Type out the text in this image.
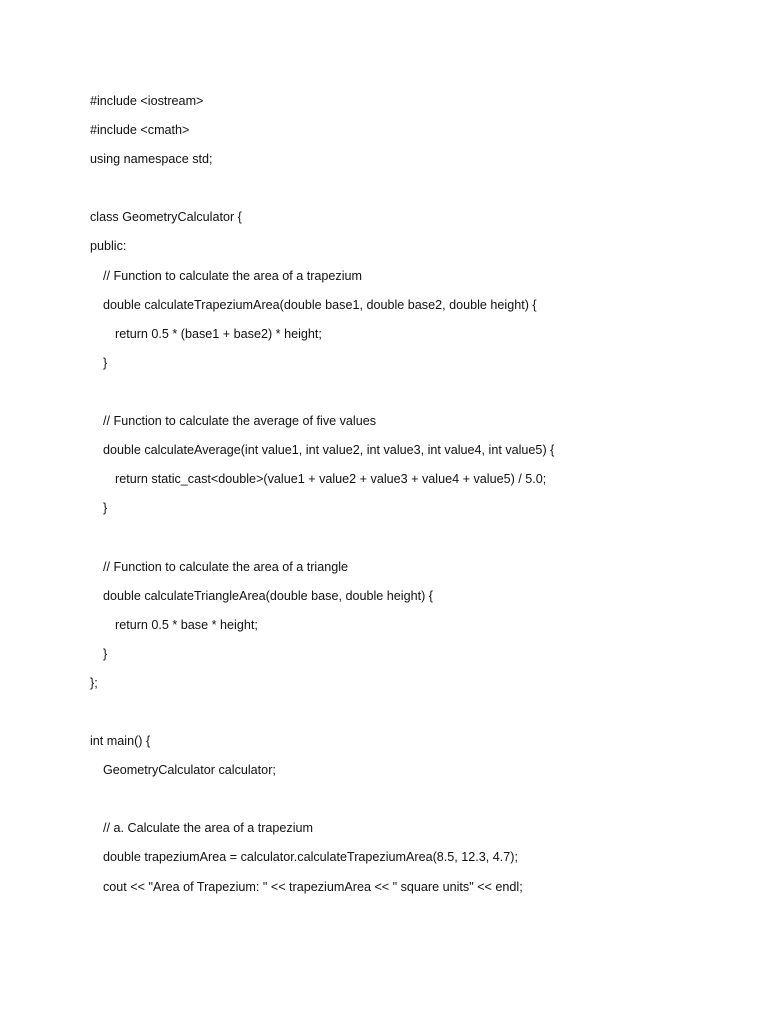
#include <iostream>
#include <cmath>
using namespace std;
class GeometryCalculator {
public:
// Function to calculate the area of a trapezium
double calculateTrapeziumArea(double base1, double base2, double height) {
return 0.5 * (base1 + base2) * height;
}
// Function to calculate the average of five values
double calculateAverage(int value1, int value2, int value3, int value4, int value5) {
return static_cast<double>(value1 + value2 + value3 + value4 + value5) / 5.0;
}
// Function to calculate the area of a triangle
double calculateTriangleArea(double base, double height) {
return 0.5 * base * height;
}
};
int main() {
GeometryCalculator calculator;
// a. Calculate the area of a trapezium
double trapeziumArea = calculator.calculateTrapeziumArea(8.5, 12.3, 4.7);
cout << "Area of Trapezium: " << trapeziumArea << " square units" << endl;
